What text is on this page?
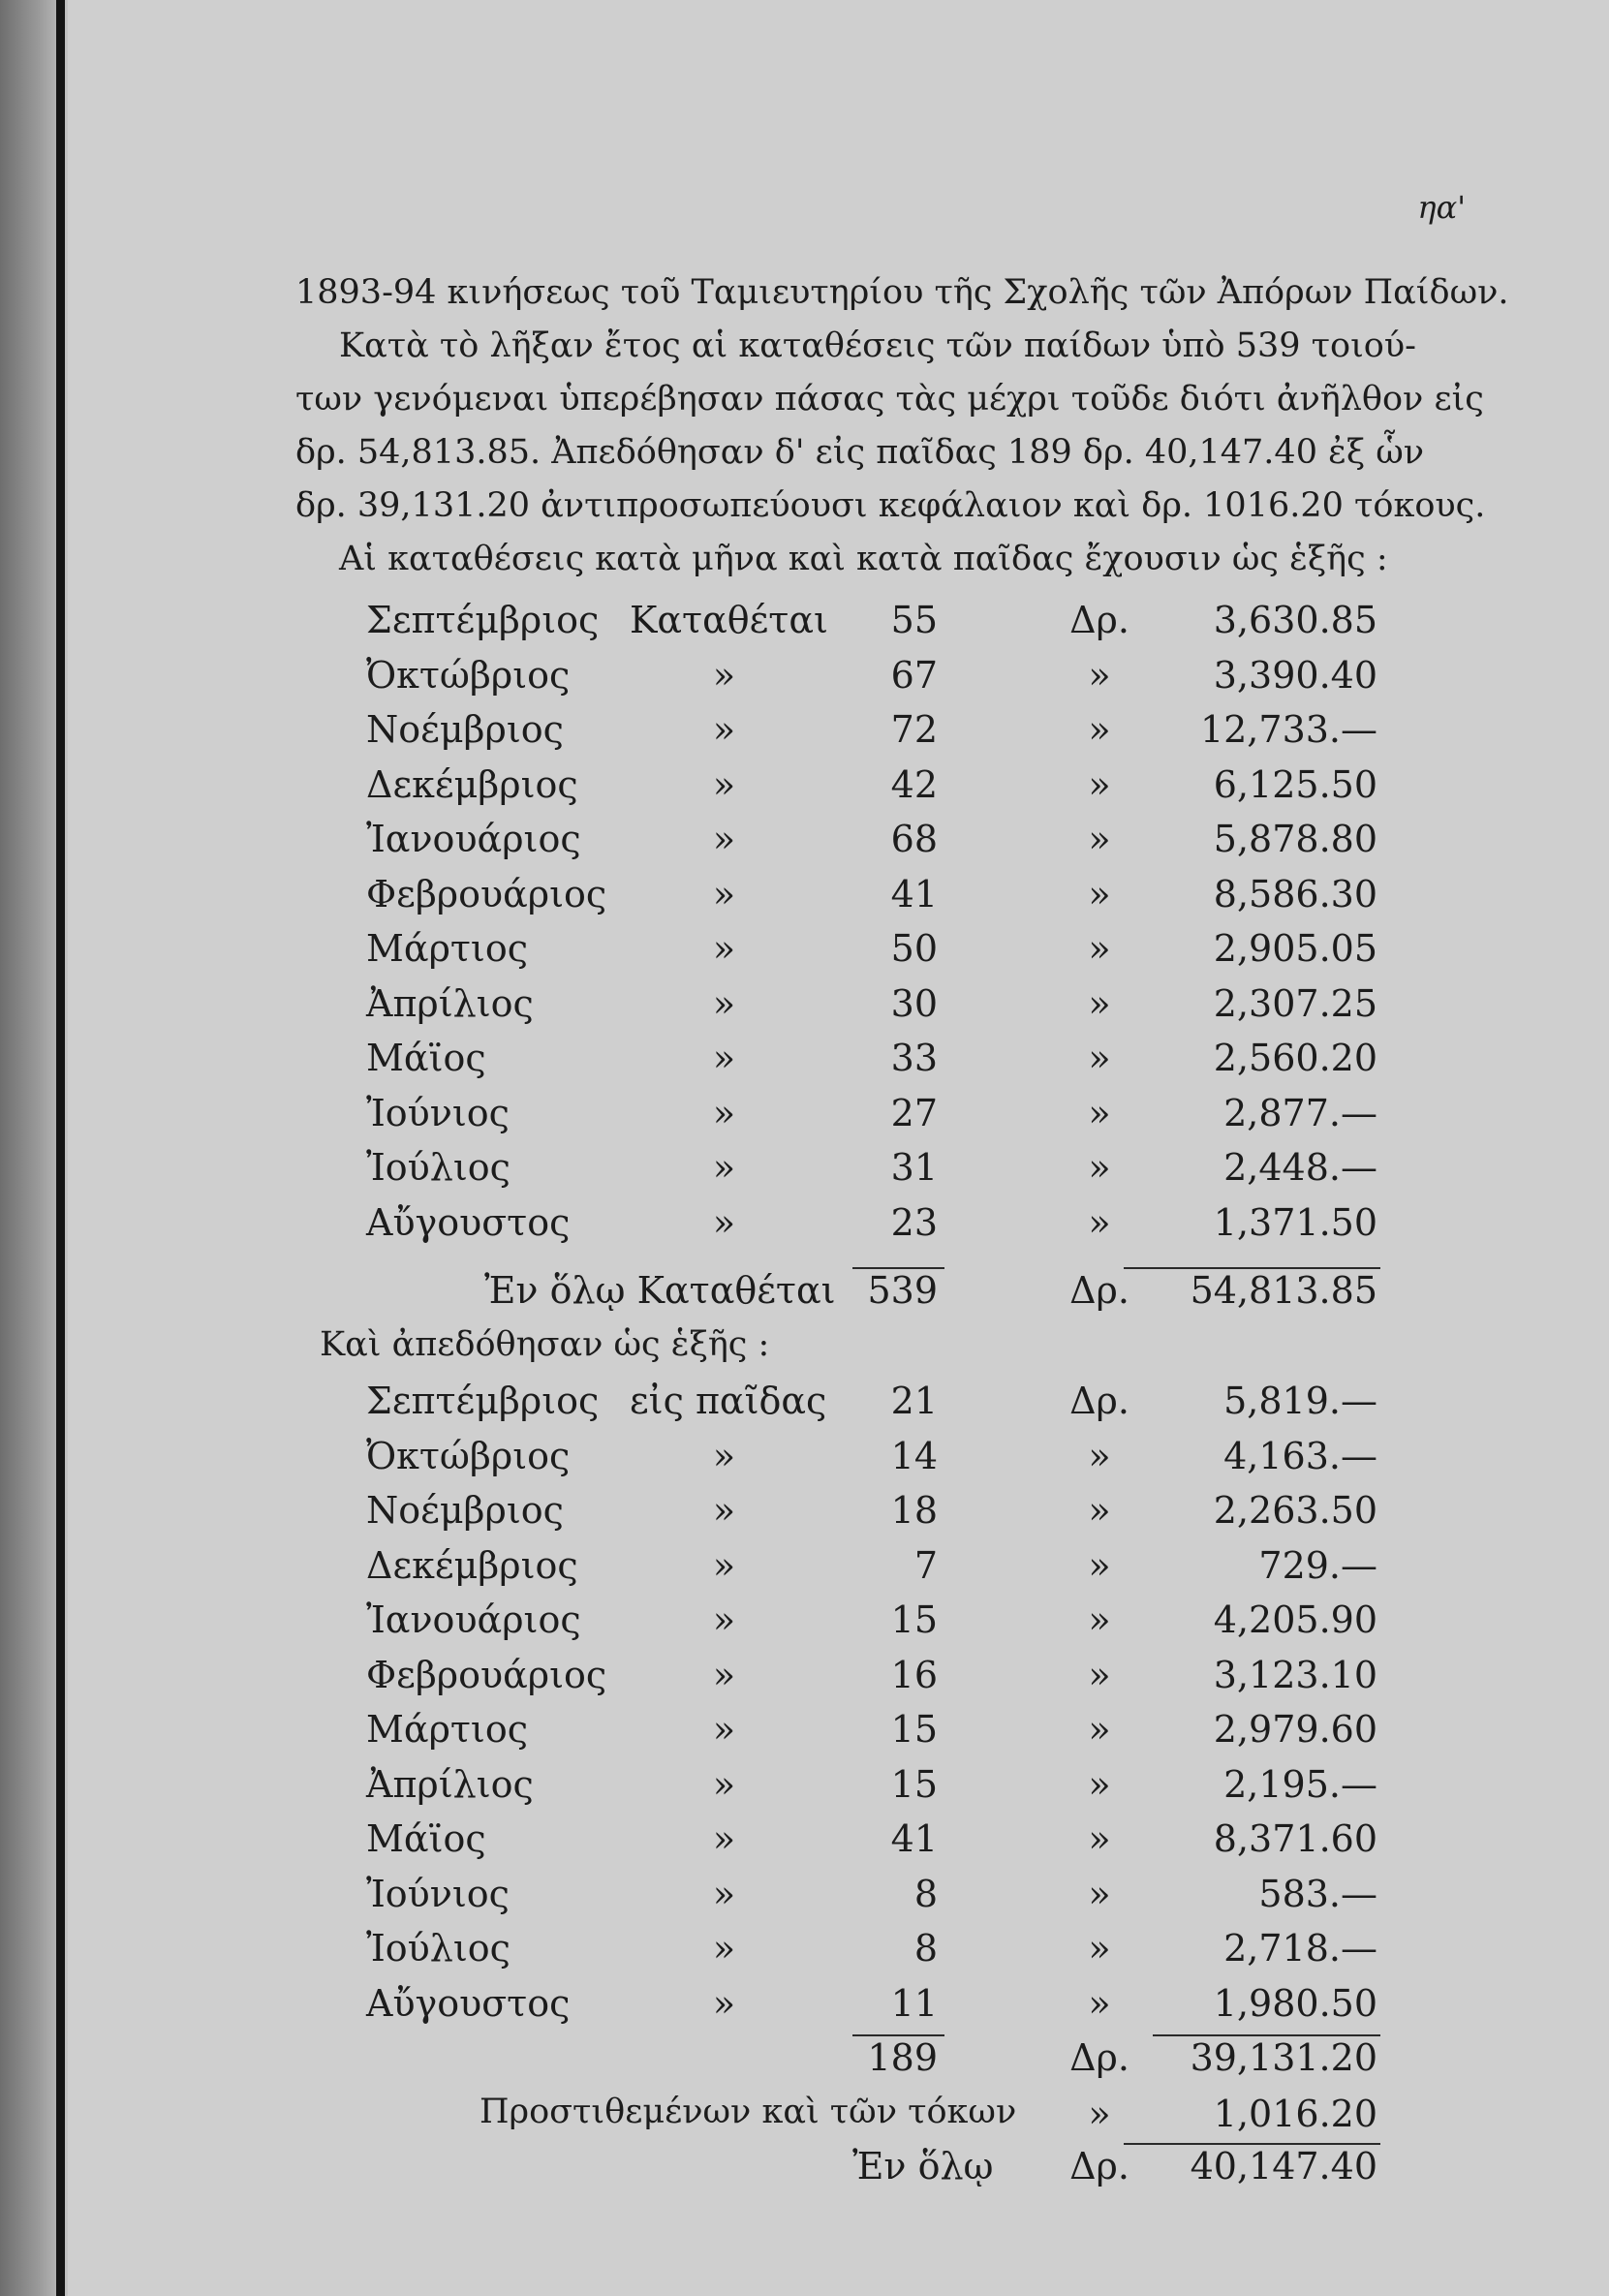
ηα'
1893-94 κινήσεως τοῦ Ταμιευτηρίου τῆς Σχολῆς τῶν Ἀπόρων Παίδων.
Κατὰ τὸ λῆξαν ἔτος αἱ καταθέσεις τῶν παίδων ὑπὸ 539 τοιού-
των γενόμεναι ὑπερέβησαν πάσας τὰς μέχρι τοῦδε διότι ἀνῆλθον εἰς
δρ. 54,813.85. Ἀπεδόθησαν δ' εἰς παῖδας 189 δρ. 40,147.40 ἐξ ὧν
δρ. 39,131.20 ἀντιπροσωπεύουσι κεφάλαιον καὶ δρ. 1016.20 τόκους.
Αἱ καταθέσεις κατὰ μῆνα καὶ κατὰ παῖδας ἔχουσιν ὡς ἑξῆς :
Σεπτέμβριος Καταθέται	55	Δρ.	3,630.85
Ὀκτώβριος	»	67	»	3,390.40
Νοέμβριος	»	72	»	12,733.—
Δεκέμβριος	»	42	»	6,125.50
Ἰανουάριος	»	68	»	5,878.80
Φεβρουάριος	»	41	»	8,586.30
Μάρτιος	»	50	»	2,905.05
Ἀπρίλιος	»	30	»	2,307.25
Μάϊος	»	33	»	2,560.20
Ἰούνιος	»	27	»	2,877.—
Ἰούλιος	»	31	»	2,448.—
Αὔγουστος	»	23	»	1,371.50
Ἐν ὅλῳ Καταθέται 539	Δρ.	54,813.85
Καὶ ἀπεδόθησαν ὡς ἑξῆς :
Σεπτέμβριος εἰς παῖδας	21	Δρ.	5,819.—
Ὀκτώβριος	»	14	»	4,163.—
Νοέμβριος	»	18	»	2,263.50
Δεκέμβριος	»	7	»	729.—
Ἰανουάριος	»	15	»	4,205.90
Φεβρουάριος	»	16	»	3,123.10
Μάρτιος	»	15	»	2,979.60
Ἀπρίλιος	»	15	»	2,195.—
Μάϊος	»	41	»	8,371.60
Ἰούνιος	»	8	»	583.—
Ἰούλιος	»	8	»	2,718.—
Αὔγουστος	»	11	»	1,980.50
189	Δρ.	39,131.20
Προστιθεμένων καὶ τῶν τόκων	»	1,016.20
Ἐν ὅλῳ Δρ.	40,147.40
